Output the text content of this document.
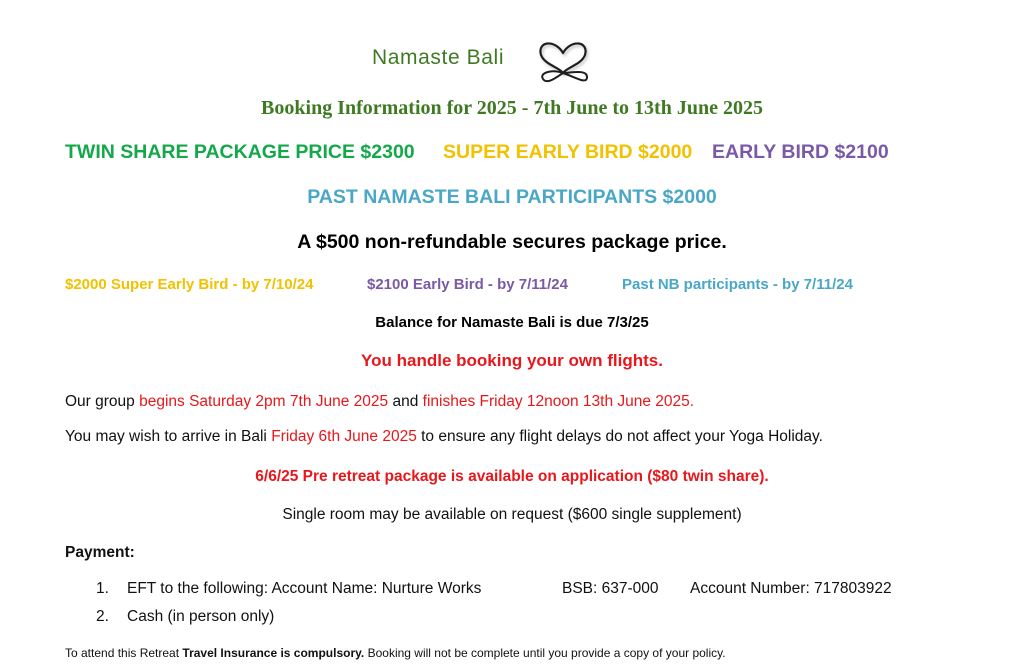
Namaste Bali
Booking Information for 2025 - 7th June to 13th June 2025
TWIN SHARE PACKAGE PRICE $2300 SUPER EARLY BIRD $2000 EARLY BIRD $2100
PAST NAMASTE BALI PARTICIPANTS $2000
A $500 non-refundable secures package price.
$2000 Super Early Bird - by 7/10/24	$2100 Early Bird - by 7/11/24	Past NB participants - by 7/11/24
Balance for Namaste Bali is due 7/3/25
You handle booking your own flights.
Our group begins Saturday 2pm 7th June 2025 and finishes Friday 12noon 13th June 2025.
You may wish to arrive in Bali Friday 6th June 2025 to ensure any flight delays do not affect your Yoga Holiday.
6/6/25 Pre retreat package is available on application ($80 twin share).
Single room may be available on request ($600 single supplement)
Payment:
1. EFT to the following: Account Name: Nurture Works	BSB: 637-000 Account Number: 717803922
2. Cash (in person only)
To attend this Retreat Travel Insurance is compulsory. Booking will not be complete until you provide a copy of your policy.
